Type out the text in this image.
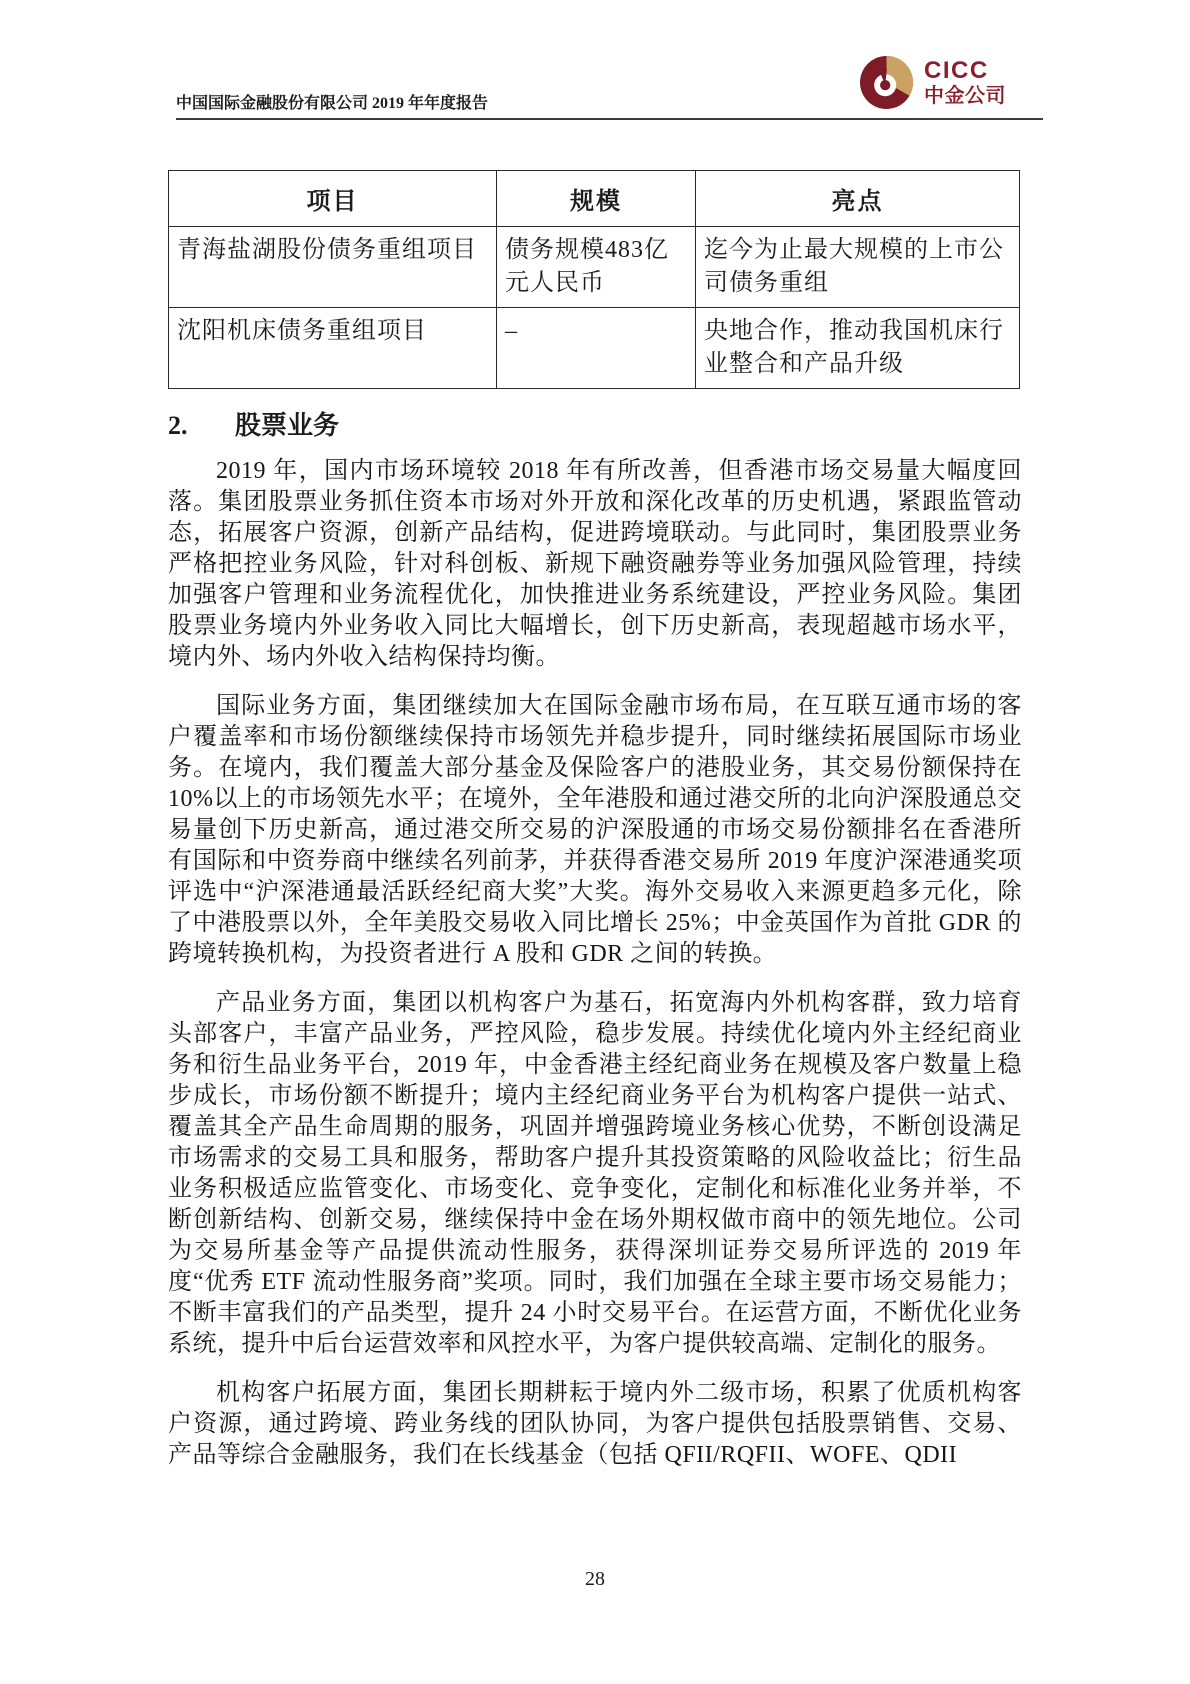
中国国际金融股份有限公司 2019 年年度报告
CICC
中金公司
项目	规模	亮点
青海盐湖股份债务重组项目	债务规模483亿元人民币	迄今为止最大规模的上市公司债务重组
沈阳机床债务重组项目	–	央地合作，推动我国机床行业整合和产品升级
2.	股票业务

2019 年，国内市场环境较 2018 年有所改善，但香港市场交易量大幅度回落。集团股票业务抓住资本市场对外开放和深化改革的历史机遇，紧跟监管动态，拓展客户资源，创新产品结构，促进跨境联动。与此同时，集团股票业务严格把控业务风险，针对科创板、新规下融资融券等业务加强风险管理，持续加强客户管理和业务流程优化，加快推进业务系统建设，严控业务风险。集团股票业务境内外业务收入同比大幅增长，创下历史新高，表现超越市场水平，境内外、场内外收入结构保持均衡。

国际业务方面，集团继续加大在国际金融市场布局，在互联互通市场的客户覆盖率和市场份额继续保持市场领先并稳步提升，同时继续拓展国际市场业务。在境内，我们覆盖大部分基金及保险客户的港股业务，其交易份额保持在 10%以上的市场领先水平；在境外，全年港股和通过港交所的北向沪深股通总交易量创下历史新高，通过港交所交易的沪深股通的市场交易份额排名在香港所有国际和中资券商中继续名列前茅，并获得香港交易所 2019 年度沪深港通奖项评选中“沪深港通最活跃经纪商大奖”大奖。海外交易收入来源更趋多元化，除了中港股票以外，全年美股交易收入同比增长 25%；中金英国作为首批 GDR 的跨境转换机构，为投资者进行 A 股和 GDR 之间的转换。

产品业务方面，集团以机构客户为基石，拓宽海内外机构客群，致力培育头部客户，丰富产品业务，严控风险，稳步发展。持续优化境内外主经纪商业务和衍生品业务平台，2019 年，中金香港主经纪商业务在规模及客户数量上稳步成长，市场份额不断提升；境内主经纪商业务平台为机构客户提供一站式、覆盖其全产品生命周期的服务，巩固并增强跨境业务核心优势，不断创设满足市场需求的交易工具和服务，帮助客户提升其投资策略的风险收益比；衍生品业务积极适应监管变化、市场变化、竞争变化，定制化和标准化业务并举，不断创新结构、创新交易，继续保持中金在场外期权做市商中的领先地位。公司为交易所基金等产品提供流动性服务，获得深圳证券交易所评选的 2019 年度“优秀 ETF 流动性服务商”奖项。同时，我们加强在全球主要市场交易能力；不断丰富我们的产品类型，提升 24 小时交易平台。在运营方面，不断优化业务系统，提升中后台运营效率和风控水平，为客户提供较高端、定制化的服务。

机构客户拓展方面，集团长期耕耘于境内外二级市场，积累了优质机构客户资源，通过跨境、跨业务线的团队协同，为客户提供包括股票销售、交易、产品等综合金融服务，我们在长线基金（包括 QFII/RQFII、WOFE、QDII

28
